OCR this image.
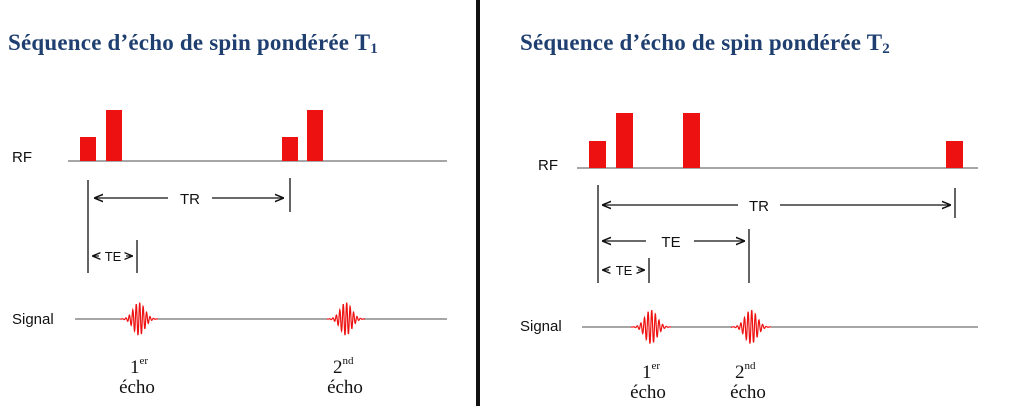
Séquence d’écho de spin pondérée $T_1$
RF
TR
TE
Signal
1er
écho
2nd
écho
Séquence d’écho de spin pondérée $T_2$
RF
TR
TE
TE
Signal
1er
écho
2nd
écho
